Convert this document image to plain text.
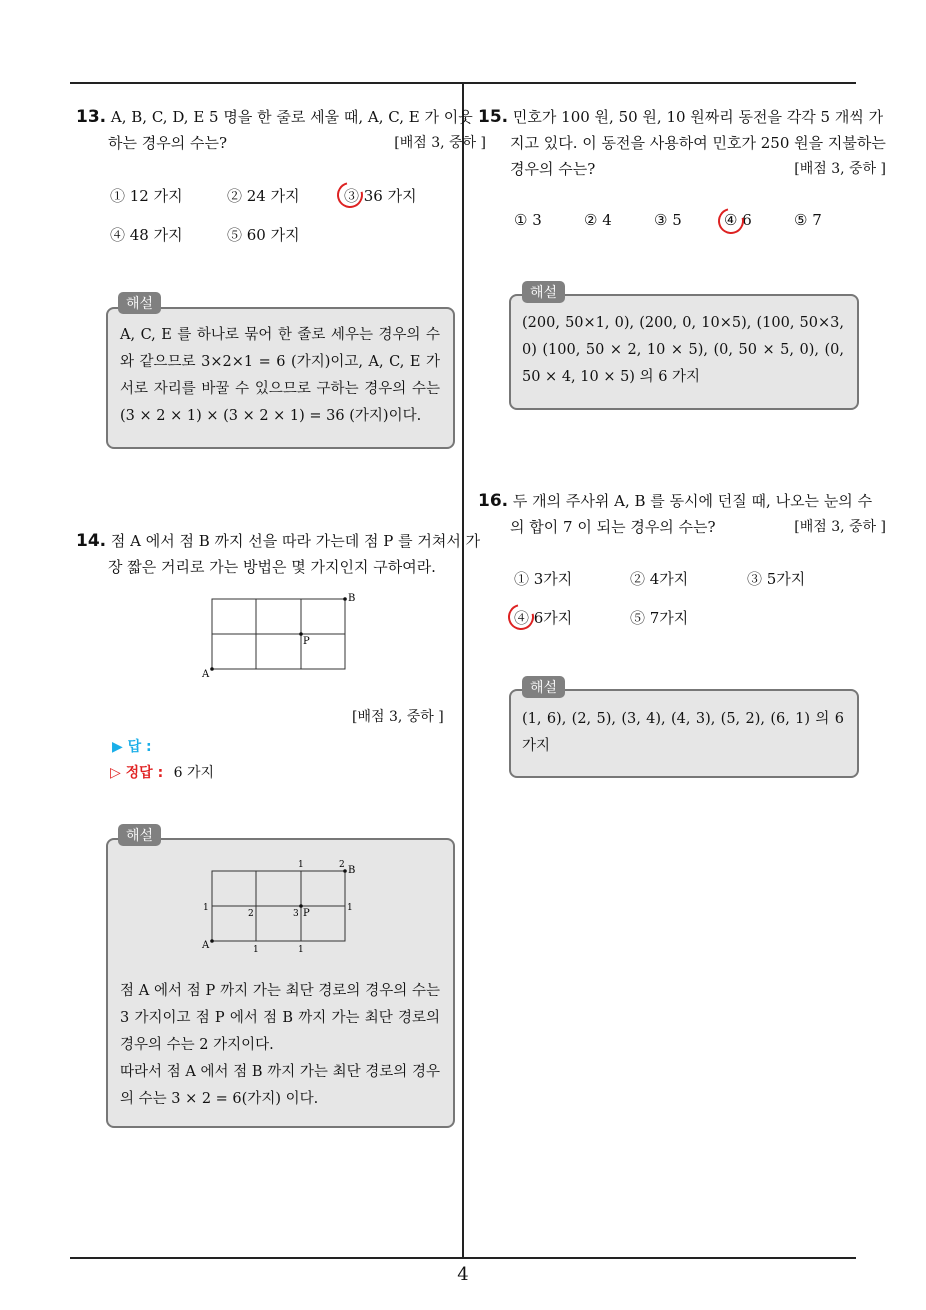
4
13. A, B, C, D, E 5 명을 한 줄로 세울 때, A, C, E 가 이웃하는 경우의 수는?	[배점 3, 중하 ]
① 12 가지	② 24 가지	③ 36 가지
④ 48 가지	⑤ 60 가지
해설
A, C, E 를 하나로 묶어 한 줄로 세우는 경우의 수와 같으므로 3×2×1 = 6 (가지)이고, A, C, E 가 서로 자리를 바꿀 수 있으므로 구하는 경우의 수는 (3 × 2 × 1) × (3 × 2 × 1) = 36 (가지)이다.
14. 점 A 에서 점 B 까지 선을 따라 가는데 점 P 를 거쳐서 가장 짧은 거리로 가는 방법은 몇 가지인지 구하여라.
A
B
P
[배점 3, 중하 ]
▶ 답 :
▷ 정답 : 6 가지
해설
A
B
P
1	2
1
2	3
1
1	1
점 A 에서 점 P 까지 가는 최단 경로의 경우의 수는 3 가지이고 점 P 에서 점 B 까지 가는 최단 경로의 경우의 수는 2 가지이다.
따라서 점 A 에서 점 B 까지 가는 최단 경로의 경우의 수는 3 × 2 = 6(가지) 이다.
15. 민호가 100 원, 50 원, 10 원짜리 동전을 각각 5 개씩 가지고 있다. 이 동전을 사용하여 민호가 250 원을 지불하는 경우의 수는?	[배점 3, 중하 ]
① 3	② 4	③ 5	④ 6	⑤ 7
해설
(200, 50×1, 0), (200, 0, 10×5), (100, 50×3, 0) (100, 50 × 2, 10 × 5), (0, 50 × 5, 0), (0, 50 × 4, 10 × 5) 의 6 가지
16. 두 개의 주사위 A, B 를 동시에 던질 때, 나오는 눈의 수의 합이 7 이 되는 경우의 수는?	[배점 3, 중하 ]
① 3가지	② 4가지	③ 5가지
④ 6가지	⑤ 7가지
해설
(1, 6), (2, 5), (3, 4), (4, 3), (5, 2), (6, 1) 의 6 가지
